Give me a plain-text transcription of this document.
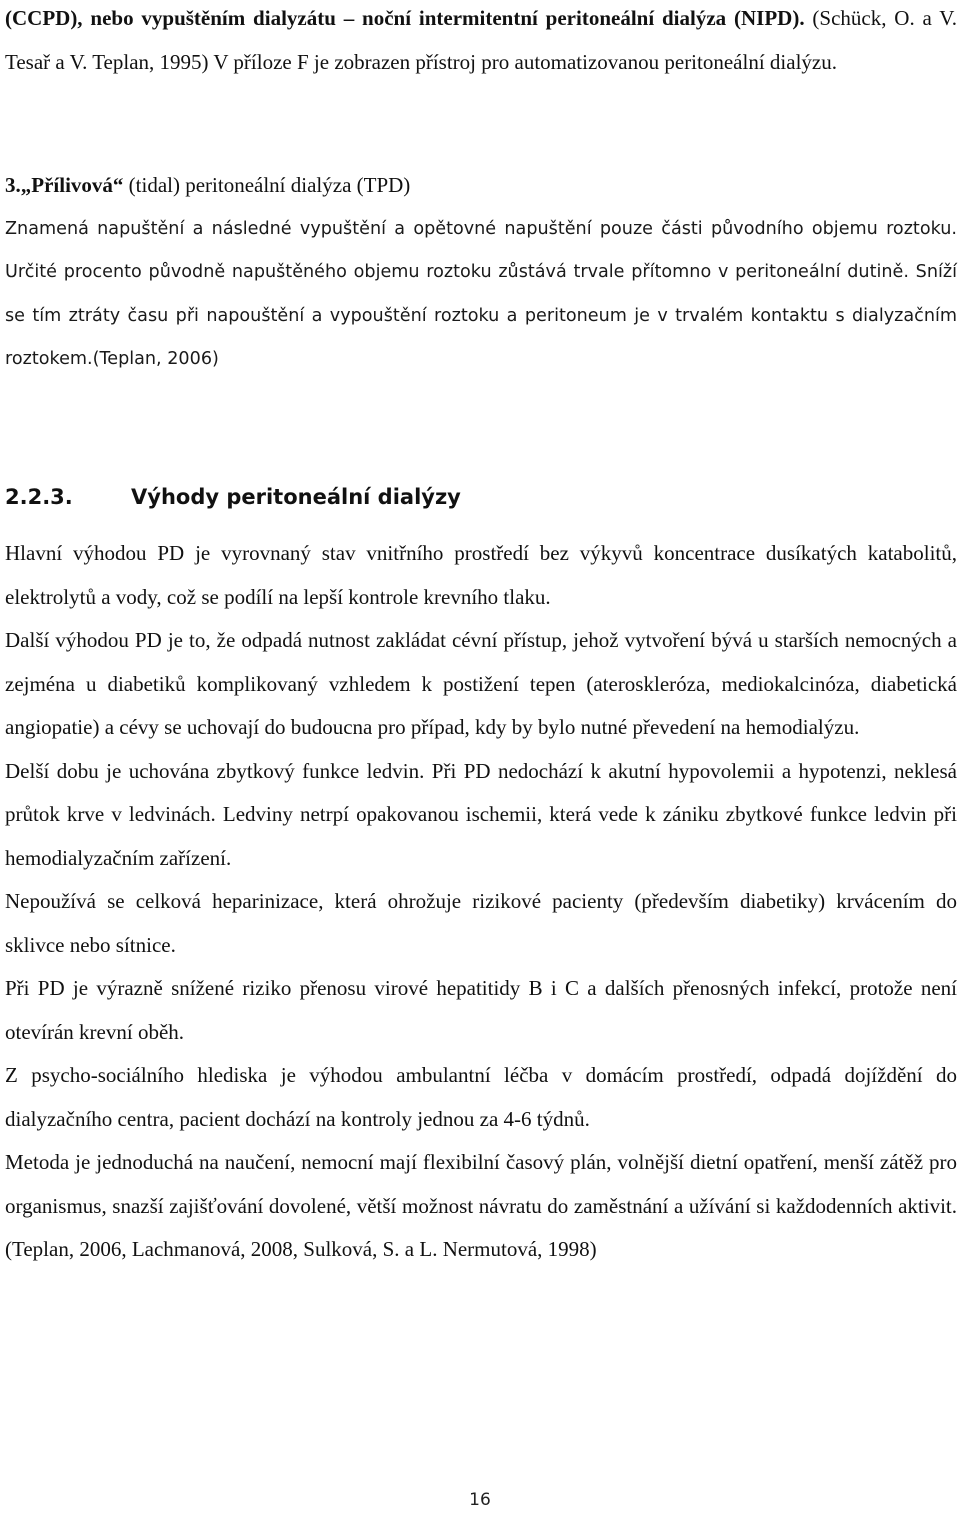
(CCPD), nebo vypuštěním dialyzátu – noční intermitentní peritoneální dialýza (NIPD). (Schück, O. a V. Tesař a V. Teplan, 1995) V příloze F je zobrazen přístroj pro automatizovanou peritoneální dialýzu.

3.„Přílivová“ (tidal) peritoneální dialýza (TPD)

Znamená napuštění a následné vypuštění a opětovné napuštění pouze části původního objemu roztoku. Určité procento původně napuštěného objemu roztoku zůstává trvale přítomno v peritoneální dutině. Sníží se tím ztráty času při napouštění a vypouštění roztoku a peritoneum je v trvalém kontaktu s dialyzačním roztokem.(Teplan, 2006)

2.2.3.	Výhody peritoneální dialýzy

Hlavní výhodou PD je vyrovnaný stav vnitřního prostředí bez výkyvů koncentrace dusíkatých katabolitů, elektrolytů a vody, což se podílí na lepší kontrole krevního tlaku.

Další výhodou PD je to, že odpadá nutnost zakládat cévní přístup, jehož vytvoření bývá u starších nemocných a zejména u diabetiků komplikovaný vzhledem k postižení tepen (ateroskleróza, mediokalcinóza, diabetická angiopatie) a cévy se uchovají do budoucna pro případ, kdy by bylo nutné převedení na hemodialýzu.

Delší dobu je uchována zbytkový funkce ledvin. Při PD nedochází k akutní hypovolemii a hypotenzi, neklesá průtok krve v ledvinách. Ledviny netrpí opakovanou ischemii, která vede k zániku zbytkové funkce ledvin při hemodialyzačním zařízení.

Nepoužívá se celková heparinizace, která ohrožuje rizikové pacienty (především diabetiky) krvácením do sklivce nebo sítnice.

Při PD je výrazně snížené riziko přenosu virové hepatitidy B i C a dalších přenosných infekcí, protože není otevírán krevní oběh.

Z psycho-sociálního hlediska je výhodou ambulantní léčba v domácím prostředí, odpadá dojíždění do dialyzačního centra, pacient dochází na kontroly jednou za 4-6 týdnů.

Metoda je jednoduchá na naučení, nemocní mají flexibilní časový plán, volnější dietní opatření, menší zátěž pro organismus, snazší zajišťování dovolené, větší možnost návratu do zaměstnání a užívání si každodenních aktivit.(Teplan, 2006, Lachmanová, 2008, Sulková, S. a L. Nermutová, 1998)

16
